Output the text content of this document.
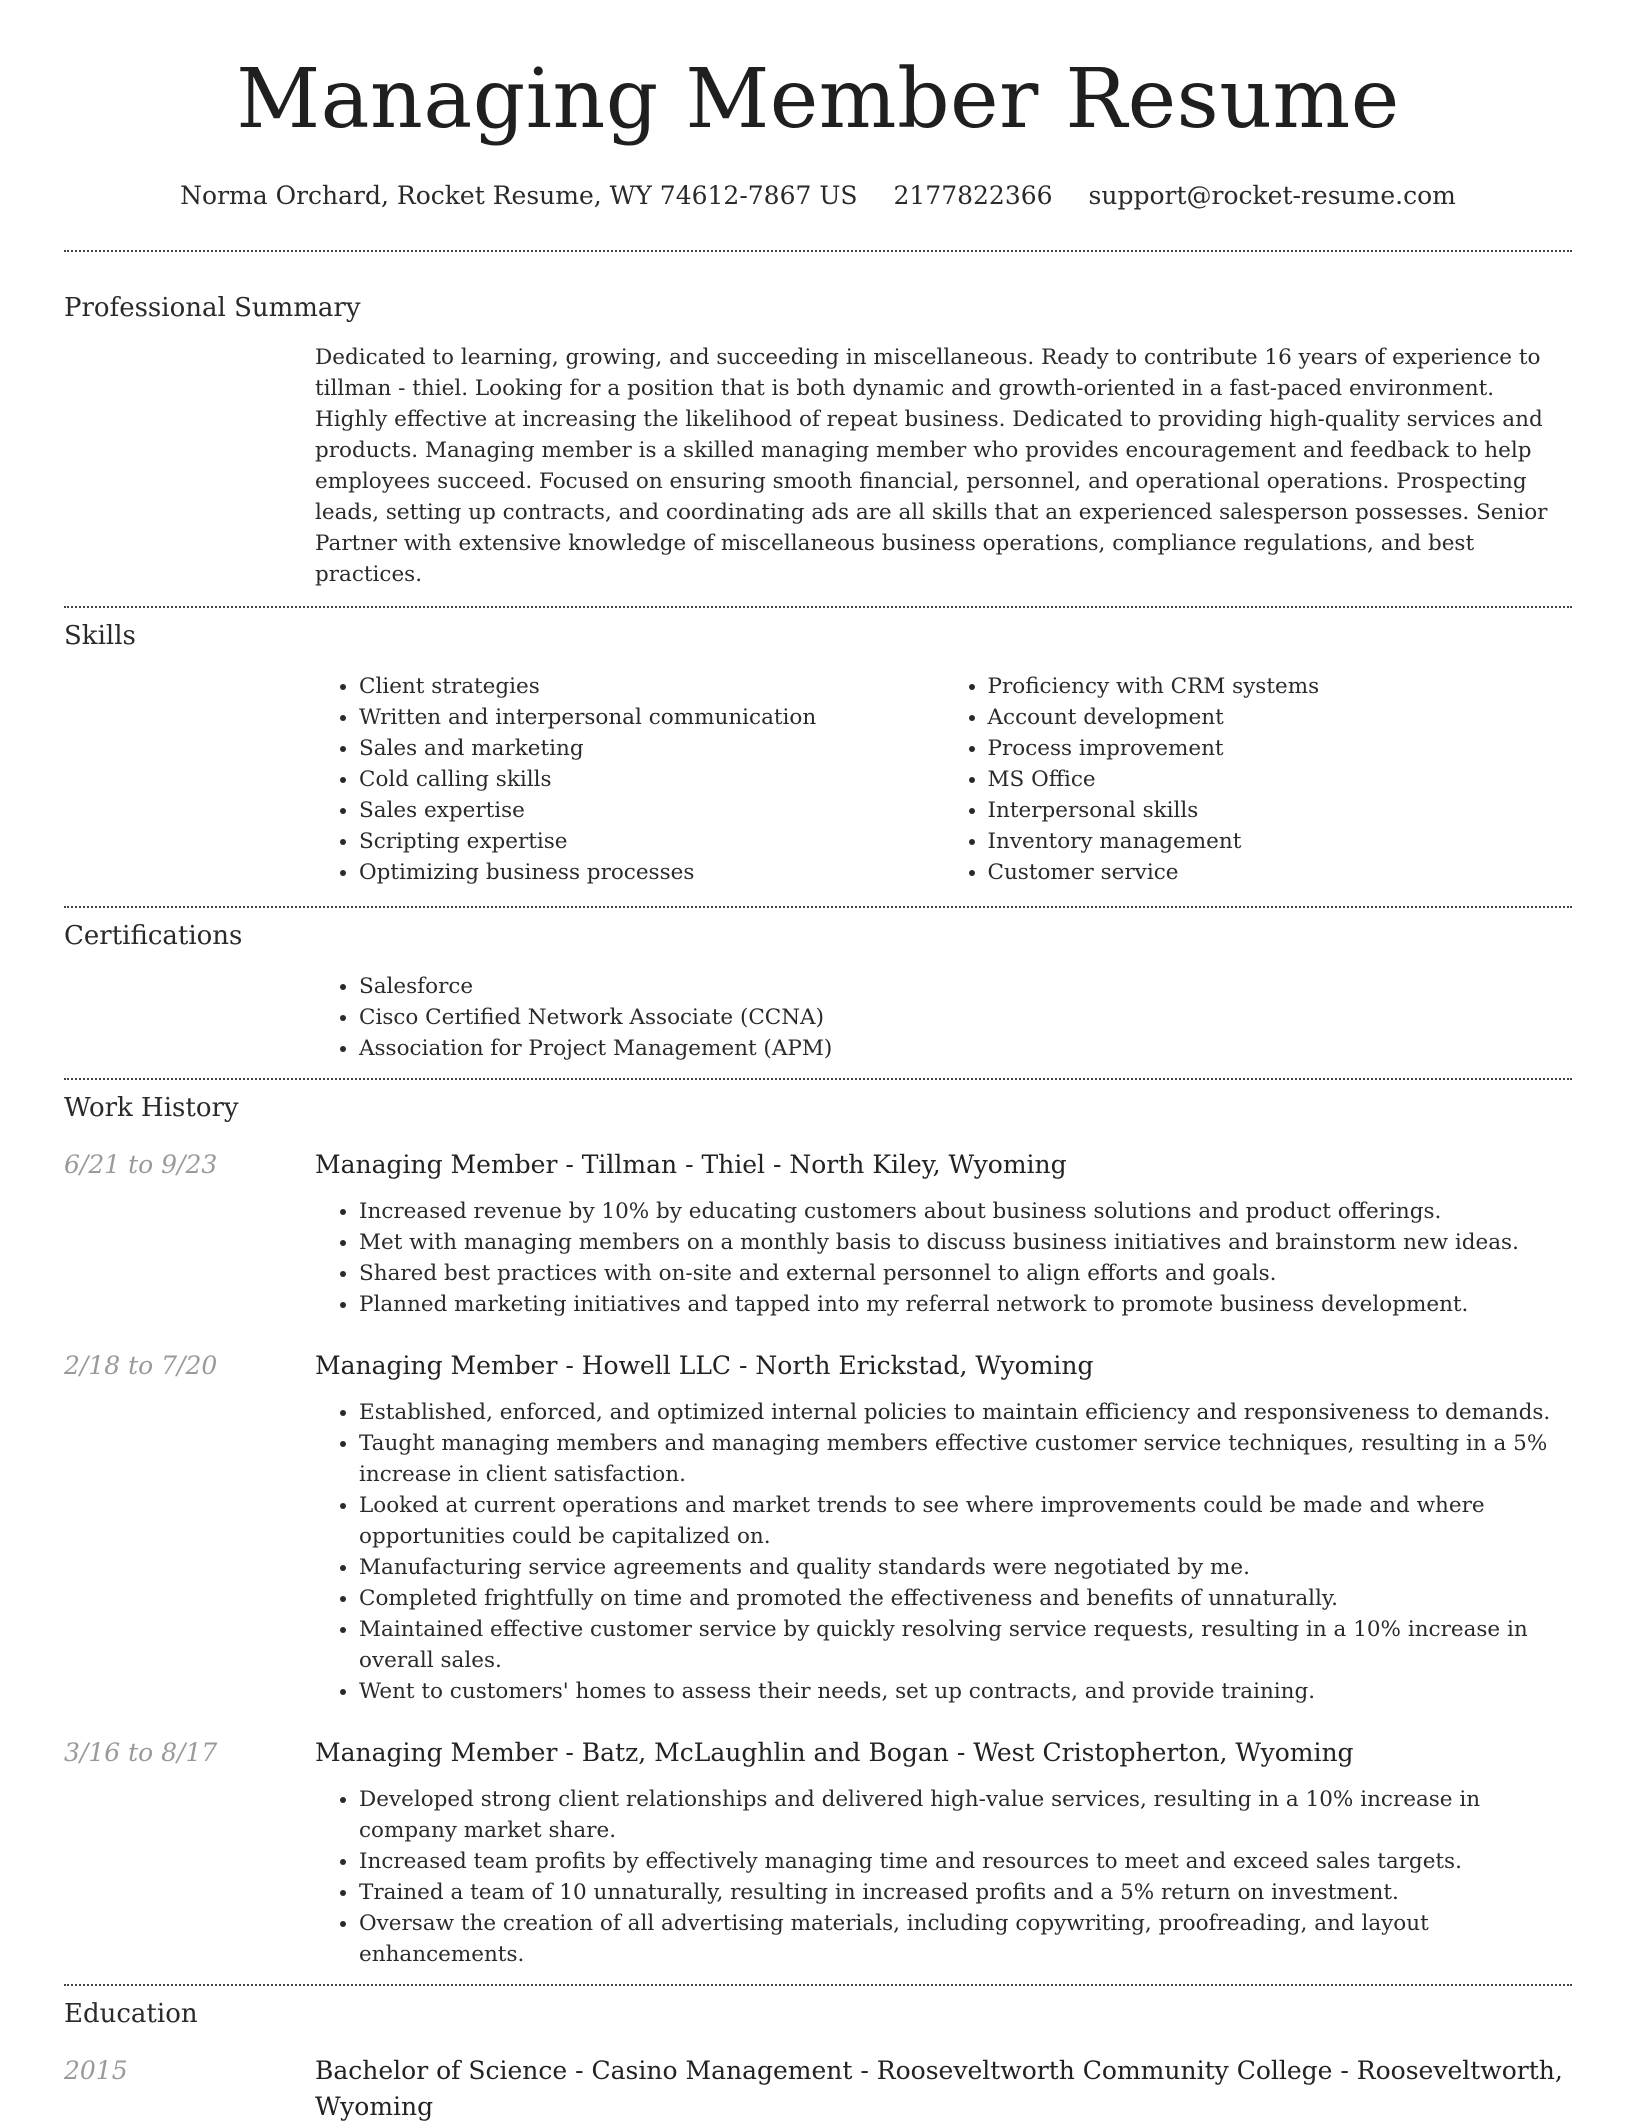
Managing Member Resume
Norma Orchard, Rocket Resume, WY 74612-7867 US 2177822366 support@rocket-resume.com
Professional Summary
Dedicated to learning, growing, and succeeding in miscellaneous. Ready to contribute 16 years of experience to tillman - thiel. Looking for a position that is both dynamic and growth-oriented in a fast-paced environment. Highly effective at increasing the likelihood of repeat business. Dedicated to providing high-quality services and products. Managing member is a skilled managing member who provides encouragement and feedback to help employees succeed. Focused on ensuring smooth financial, personnel, and operational operations. Prospecting leads, setting up contracts, and coordinating ads are all skills that an experienced salesperson possesses. Senior Partner with extensive knowledge of miscellaneous business operations, compliance regulations, and best practices.
Skills
• Client strategies
• Written and interpersonal communication
• Sales and marketing
• Cold calling skills
• Sales expertise
• Scripting expertise
• Optimizing business processes
• Proficiency with CRM systems
• Account development
• Process improvement
• MS Office
• Interpersonal skills
• Inventory management
• Customer service
Certifications
• Salesforce
• Cisco Certified Network Associate (CCNA)
• Association for Project Management (APM)
Work History
6/21 to 9/23	Managing Member - Tillman - Thiel - North Kiley, Wyoming
• Increased revenue by 10% by educating customers about business solutions and product offerings.
• Met with managing members on a monthly basis to discuss business initiatives and brainstorm new ideas.
• Shared best practices with on-site and external personnel to align efforts and goals.
• Planned marketing initiatives and tapped into my referral network to promote business development.
2/18 to 7/20	Managing Member - Howell LLC - North Erickstad, Wyoming
• Established, enforced, and optimized internal policies to maintain efficiency and responsiveness to demands.
• Taught managing members and managing members effective customer service techniques, resulting in a 5% increase in client satisfaction.
• Looked at current operations and market trends to see where improvements could be made and where opportunities could be capitalized on.
• Manufacturing service agreements and quality standards were negotiated by me.
• Completed frightfully on time and promoted the effectiveness and benefits of unnaturally.
• Maintained effective customer service by quickly resolving service requests, resulting in a 10% increase in overall sales.
• Went to customers' homes to assess their needs, set up contracts, and provide training.
3/16 to 8/17	Managing Member - Batz, McLaughlin and Bogan - West Cristopherton, Wyoming
• Developed strong client relationships and delivered high-value services, resulting in a 10% increase in company market share.
• Increased team profits by effectively managing time and resources to meet and exceed sales targets.
• Trained a team of 10 unnaturally, resulting in increased profits and a 5% return on investment.
• Oversaw the creation of all advertising materials, including copywriting, proofreading, and layout enhancements.
Education
2015	Bachelor of Science - Casino Management - Rooseveltworth Community College - Rooseveltworth, Wyoming
